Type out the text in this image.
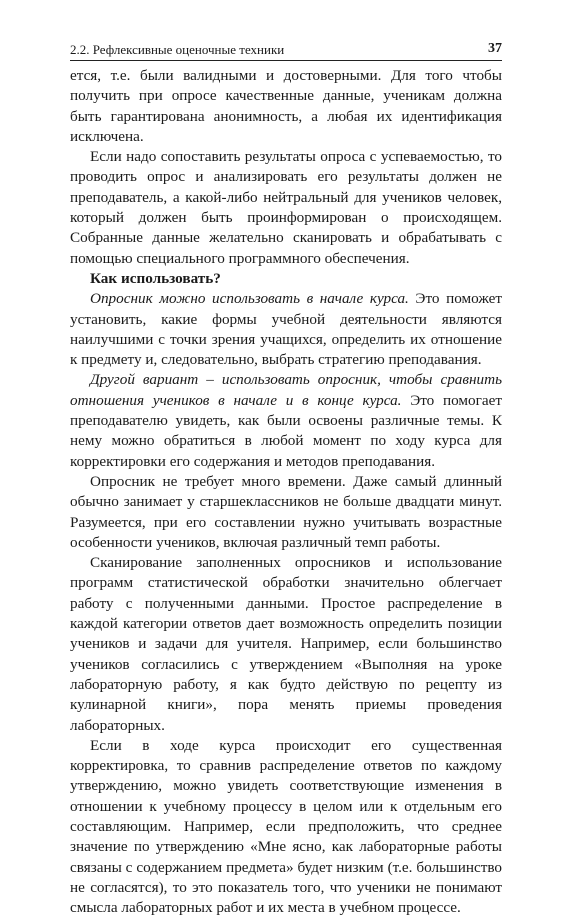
2.2. Рефлексивные оценочные техники	37

ется, т.е. были валидными и достоверными. Для того чтобы получить при опросе качественные данные, ученикам должна быть гарантирована анонимность, а любая их идентификация исключена.

Если надо сопоставить результаты опроса с успеваемостью, то проводить опрос и анализировать его результаты должен не преподаватель, а какой-либо нейтральный для учеников человек, который должен быть проинформирован о происходящем. Собранные данные желательно сканировать и обрабатывать с помощью специального программного обеспечения.

Как использовать?

Опросник можно использовать в начале курса. Это поможет установить, какие формы учебной деятельности являются наилучшими с точки зрения учащихся, определить их отношение к предмету и, следовательно, выбрать стратегию преподавания.

Другой вариант – использовать опросник, чтобы сравнить отношения учеников в начале и в конце курса. Это помогает преподавателю увидеть, как были освоены различные темы. К нему можно обратиться в любой момент по ходу курса для корректировки его содержания и методов преподавания.

Опросник не требует много времени. Даже самый длинный обычно занимает у старшеклассников не больше двадцати минут. Разумеется, при его составлении нужно учитывать возрастные особенности учеников, включая различный темп работы.

Сканирование заполненных опросников и использование программ статистической обработки значительно облегчает работу с полученными данными. Простое распределение в каждой категории ответов дает возможность определить позиции учеников и задачи для учителя. Например, если большинство учеников согласились с утверждением «Выполняя на уроке лабораторную работу, я как будто действую по рецепту из кулинарной книги», пора менять приемы проведения лабораторных.

Если в ходе курса происходит его существенная корректировка, то сравнив распределение ответов по каждому утверждению, можно увидеть соответствующие изменения в отношении к учебному процессу в целом или к отдельным его составляющим. Например, если предположить, что среднее значение по утверждению «Мне ясно, как лабораторные работы связаны с содержанием предмета» будет низким (т.е. большинство не согласятся), то это показатель того, что ученики не понимают смысла лабораторных работ и их места в учебном процессе.
